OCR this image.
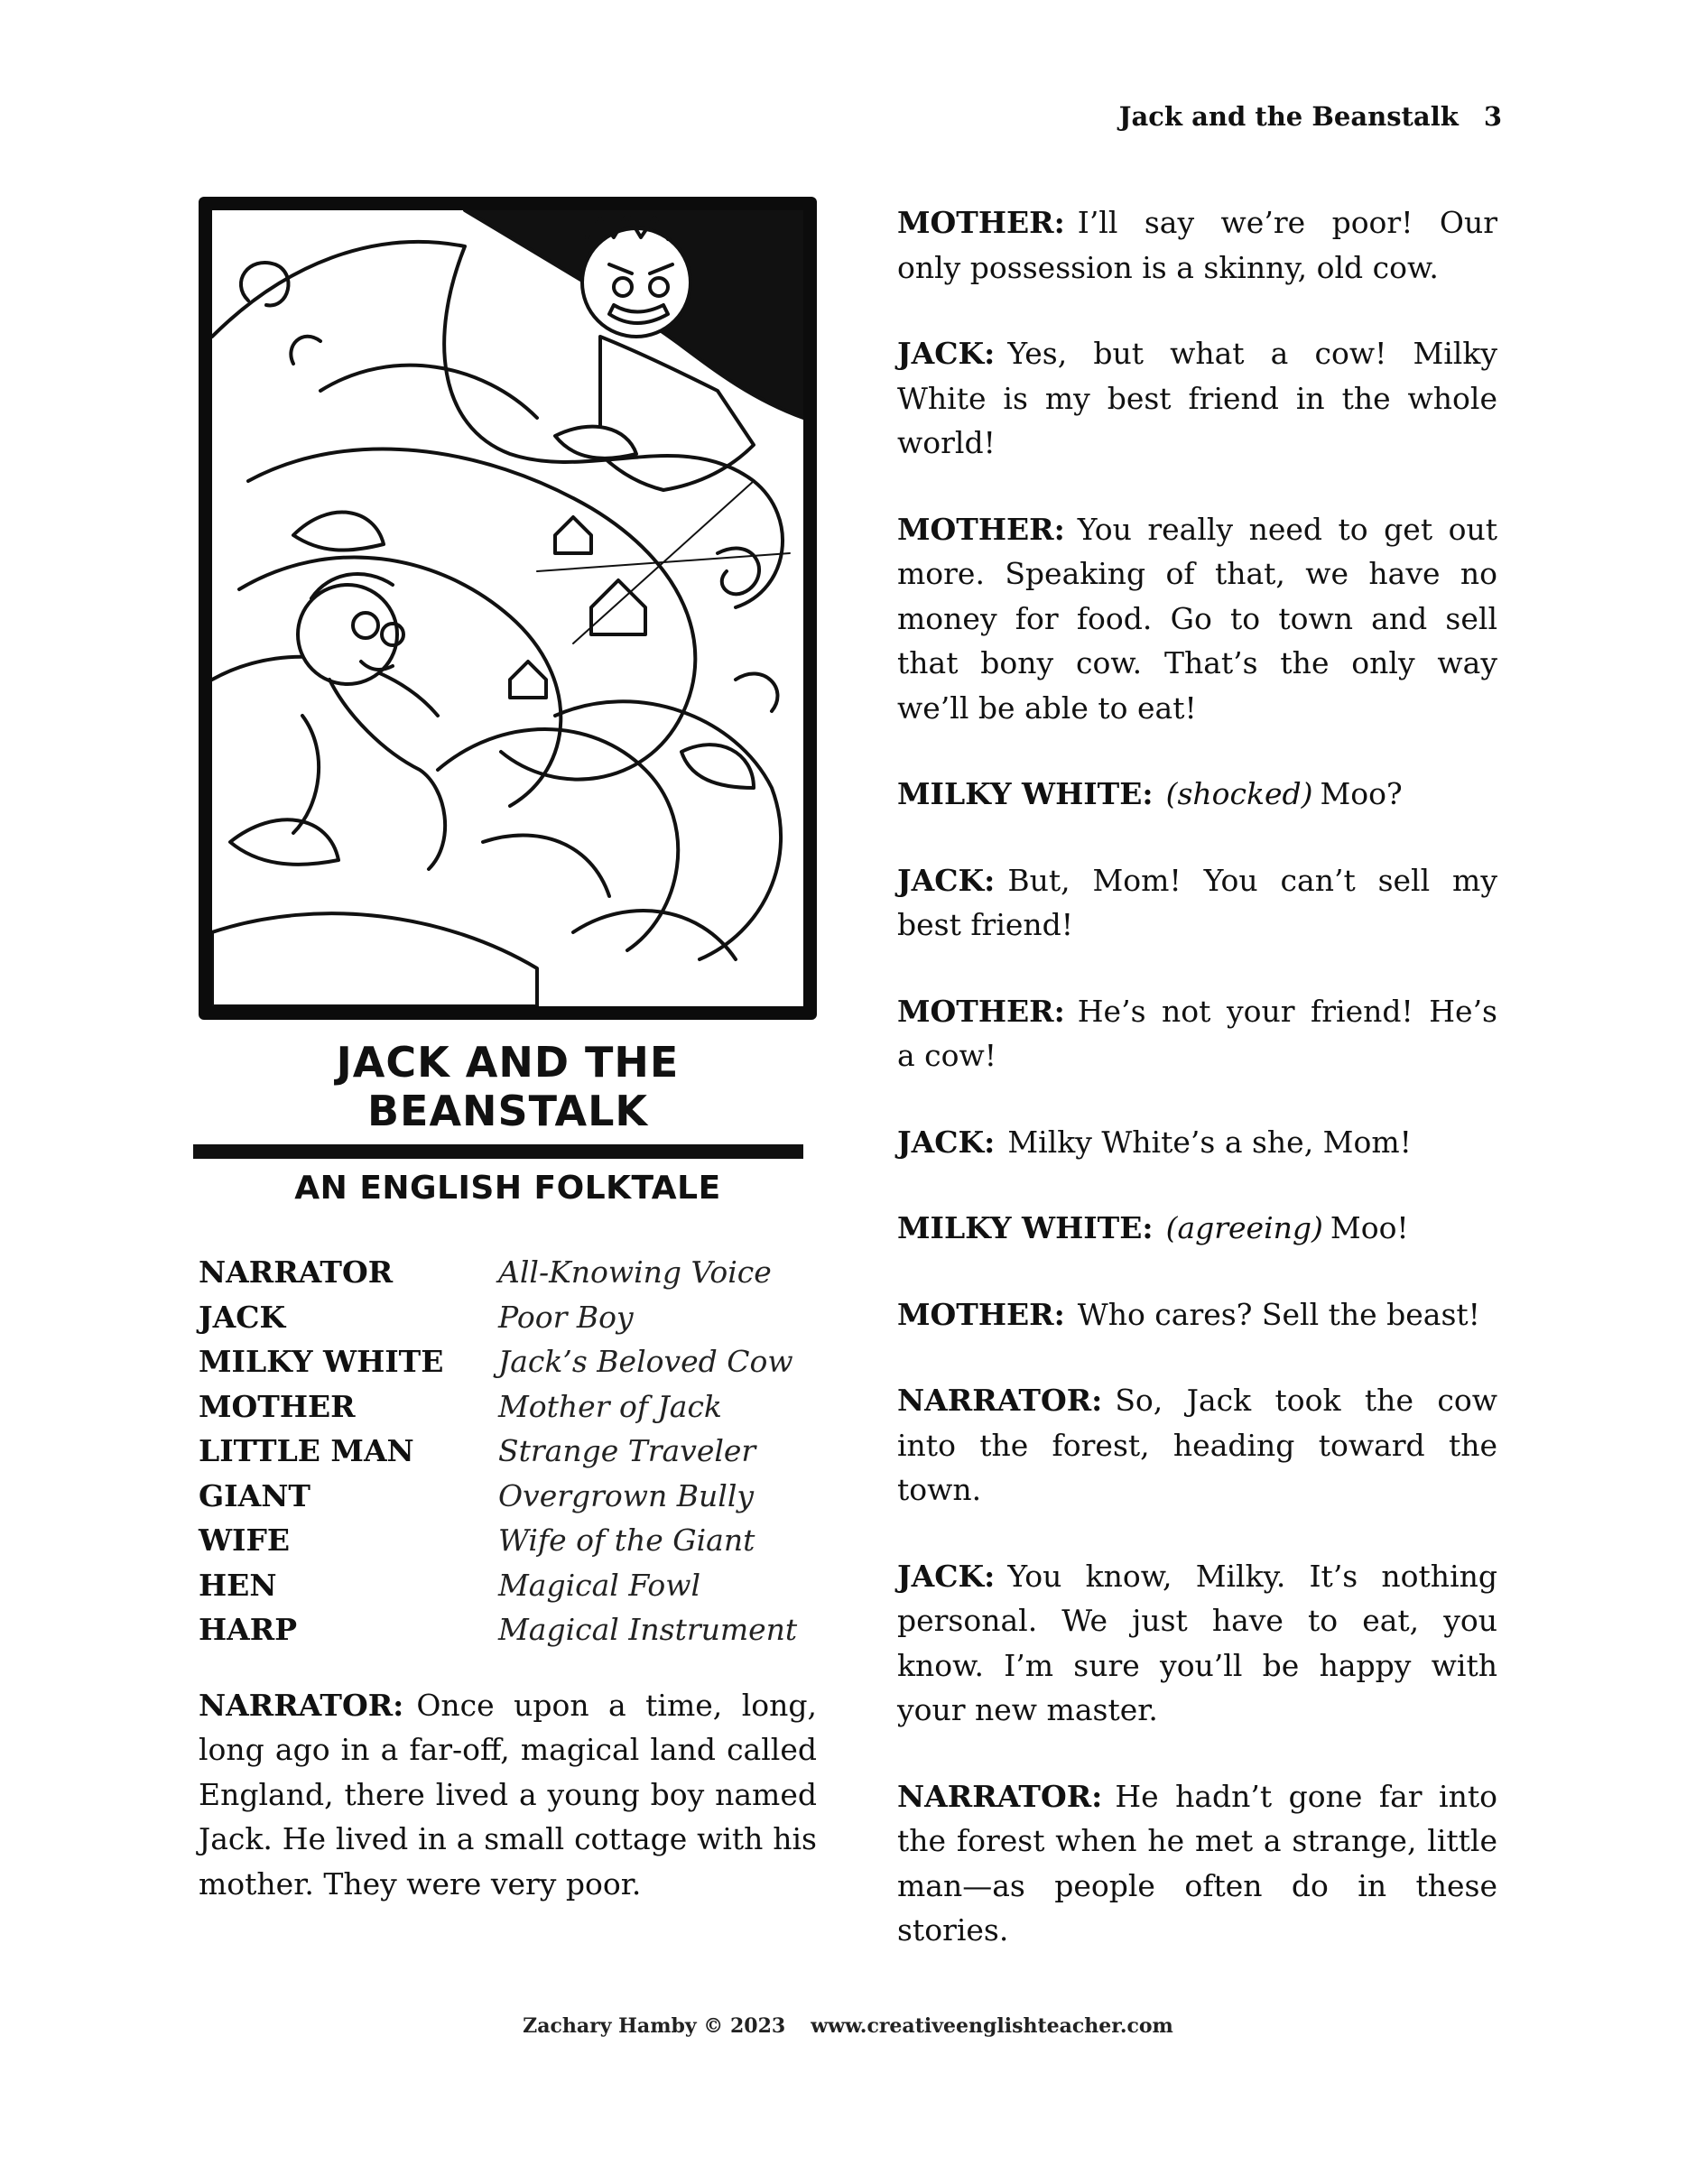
Jack and the Beanstalk 3
JACK AND THE BEANSTALK
AN ENGLISH FOLKTALE
NARRATOR	All-Knowing Voice
JACK	Poor Boy
MILKY WHITE	Jack’s Beloved Cow
MOTHER	Mother of Jack
LITTLE MAN	Strange Traveler
GIANT	Overgrown Bully
WIFE	Wife of the Giant
HEN	Magical Fowl
HARP	Magical Instrument

NARRATOR: Once upon a time, long, long ago in a far-off, magical land called England, there lived a young boy named Jack. He lived in a small cottage with his mother. They were very poor.

MOTHER: I’ll say we’re poor! Our only possession is a skinny, old cow.

JACK: Yes, but what a cow! Milky White is my best friend in the whole world!

MOTHER: You really need to get out more. Speaking of that, we have no money for food. Go to town and sell that bony cow. That’s the only way we’ll be able to eat!

MILKY WHITE: (shocked) Moo?

JACK: But, Mom! You can’t sell my best friend!

MOTHER: He’s not your friend! He’s a cow!

JACK: Milky White’s a she, Mom!

MILKY WHITE: (agreeing) Moo!

MOTHER: Who cares? Sell the beast!

NARRATOR: So, Jack took the cow into the forest, heading toward the town.

JACK: You know, Milky. It’s nothing personal. We just have to eat, you know. I’m sure you’ll be happy with your new master.

NARRATOR: He hadn’t gone far into the forest when he met a strange, little man—as people often do in these stories.

Zachary Hamby © 2023 www.creativeenglishteacher.com
